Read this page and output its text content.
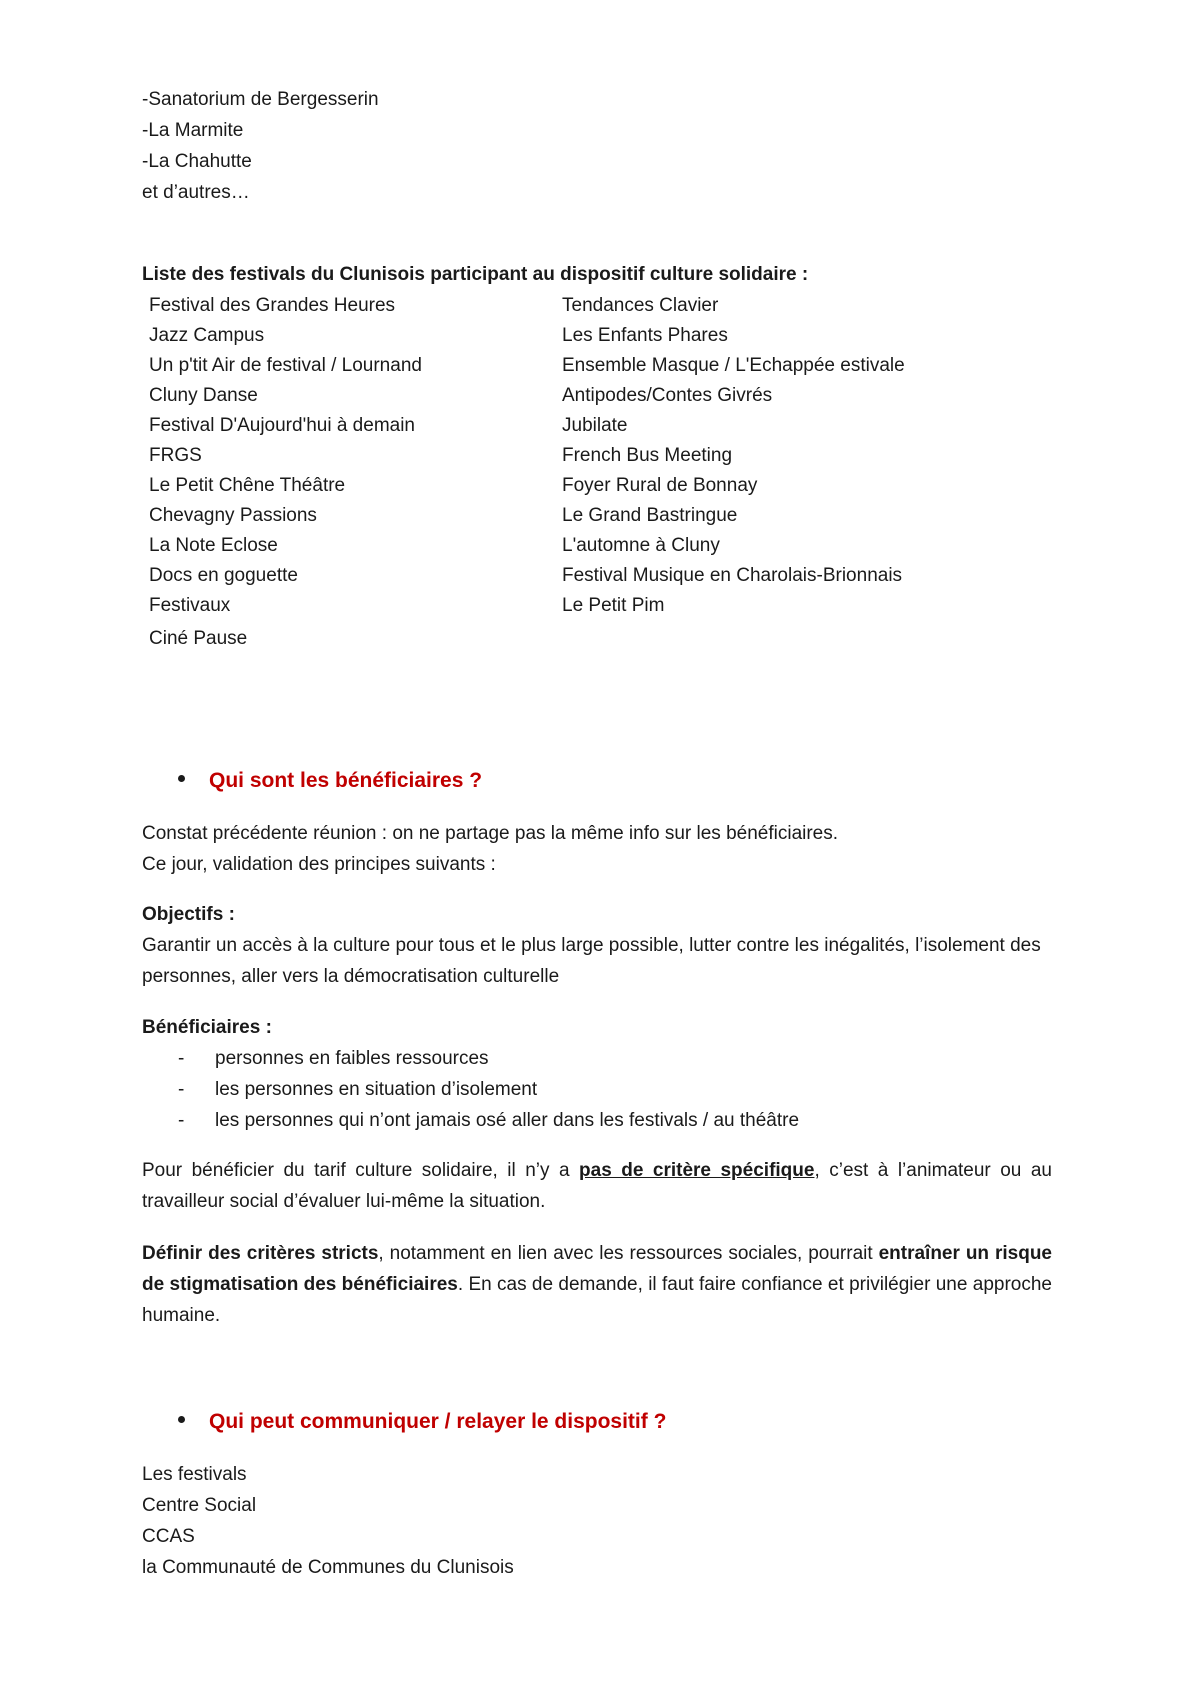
-Sanatorium de Bergesserin
-La Marmite
-La Chahutte
et d’autres…
Liste des festivals du Clunisois participant au dispositif culture solidaire :
Festival des Grandes Heures
Jazz Campus
Un p'tit Air de festival / Lournand
Cluny Danse
Festival D'Aujourd'hui à demain
FRGS
Le Petit Chêne Théâtre
Chevagny Passions
La Note Eclose
Docs en goguette
Festivaux
Ciné Pause
Tendances Clavier
Les Enfants Phares
Ensemble Masque / L'Echappée estivale
Antipodes/Contes Givrés
Jubilate
French Bus Meeting
Foyer Rural de Bonnay
Le Grand Bastringue
L'automne à Cluny
Festival Musique en Charolais-Brionnais
Le Petit Pim
Qui sont les bénéficiaires ?
Constat précédente réunion : on ne partage pas la même info sur les bénéficiaires.
Ce jour, validation des principes suivants :
Objectifs :
Garantir un accès à la culture pour tous et le plus large possible, lutter contre les inégalités, l’isolement des personnes, aller vers la démocratisation culturelle
Bénéficiaires :
- personnes en faibles ressources
- les personnes en situation d’isolement
- les personnes qui n’ont jamais osé aller dans les festivals / au théâtre
Pour bénéficier du tarif culture solidaire, il n’y a pas de critère spécifique, c’est à l’animateur ou au travailleur social d’évaluer lui-même la situation.
Définir des critères stricts, notamment en lien avec les ressources sociales, pourrait entraîner un risque de stigmatisation des bénéficiaires. En cas de demande, il faut faire confiance et privilégier une approche humaine.
Qui peut communiquer / relayer le dispositif ?
Les festivals
Centre Social
CCAS
la Communauté de Communes du Clunisois
